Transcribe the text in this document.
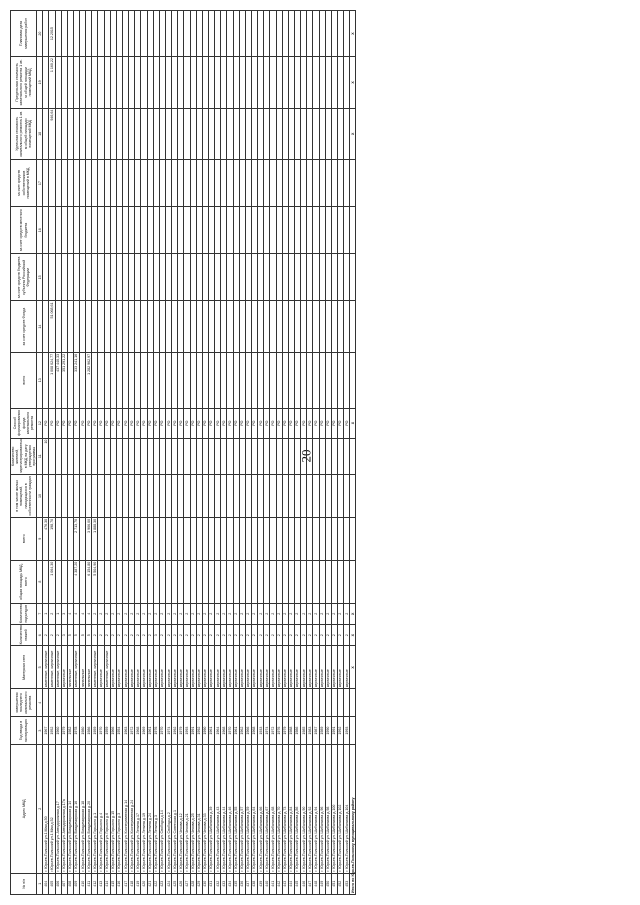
20
№ п/п	Адрес МКД	Год ввода в эксплуатацию	завершения последнего капитального ремонта	Материал стен	Количество этажей	Количество подъездов	общая площадь МКД, всего	всего	в том числе жилых помещений, находящихся в собственности граждан	Количество жителей, зарегистрированных в МКД на дату утверждения программы	Способ формирования фонда капитального ремонта	всего	за счет средств Фонда	за счет средств бюджета субъекта Российской Федерации	за счет средств местного бюджета	за счет средств собственников помещений в МКД	Удельная стоимость капитального ремонта 1 кв. м общей площади помещений МКД	Предельная стоимость капитального ремонта 1 кв. м общей площади помещений МКД	Плановая дата завершения работ
1	2	3	4	5	6	7	8	9	10	11	12	13	14	15	16	17	18	19	20
404	г. Юрьев-Польский ул.1 Мая д.50	1967		каменные, кирпичные	2	1		476,30		10	РО								
405	г.Юрьев-Польский ул.1 Мая д.52	1952		каменные, кирпичные	2	2	1 064,30	198,70			РО	1 008 024,77	51 068,61				946,64	1 160,22	12.2015
406	г. Юрьев-Польский ул. Автодорожная д.17	1960		каменные, кирпичные	2	1					РО	437 440,33							
407	г. Юрьев-Польский ул. Автодорожная д.17а	1979		кирпичные	3	3					РО	351 291,22							
408	г. Юрьев-Польский ул. Владимирская д.14	1982		панельные	5	4					РО								
409	г. Юрьев-Польский ул. Владимирская д.16	1978		каменные, кирпичные	5	4	4 387,20	2 713,70			РО	333 241,16							
410	г. Юрьев-Польский ул. Владимирская д.18	1980		панельные	5	4					РО								
411	г. Юрьев-Польский ул. Владимирская д.20	1986		панельные	5	4	6 154,80	3 906,00			РО	1 282 962,97							
412	г. Юрьев-Польский ул. Горького д.1	1959		каменные, кирпичные	2	2	5 504,90	1 888,30			РО								
413	г. Юрьев-Польский ул. Горького д.4	1970		кирпичные	2	2					РО								
414	г. Юрьев-Польский ул. Горького д.6	1959		каменные, кирпичные	2	2					РО								
415	г. Юрьев-Польский ул. Горького д.15	1966		кирпичные	2	2					РО								
416	г. Юрьев-Польский ул. Горького д.3	1954		кирпичные	2	2					РО								
417	г. Юрьев-Польский ул. Кооперативная д.14	1963		кирпичные	2	2					РО								
418	г. Юрьев-Польский ул. Кооперативная д.24	1972		кирпичные	2	2					РО								
419	г. Юрьев-Польский ул. Ленина д.17	1968		кирпичные	2	2					РО								
420	г. Юрьев-Польский ул. Ленина д.19	1969		кирпичные	2	2					РО								
421	г. Юрьев-Польский ул. Ленина д.24	1961		кирпичные	2	2					РО								
422	г. Юрьев-Польский ул. Ленина д.3	1976		кирпичные	3	2					РО								
423	г. Юрьев-Польский ул. Свободы д.14	1970		кирпичные	2	2					РО								
424	г. Юрьев-Польский ул. Свободы д.2	1974		кирпичные	2	2					РО								
425	г. Юрьев-Польский ул. Советская д.1	1992		кирпичные	2	2					РО								
426	г. Юрьев-Польский ул. Чехова д.12	1979		кирпичные	2	2					РО								
427	г. Юрьев-Польский ул. Чехова д.21	1993		кирпичные	2	2					РО								
428	г. Юрьев-Польский ул. Чехова д.25	1991		кирпичные	2	2					РО								
429	г. Юрьев-Польский ул. Чехова д.31	1992		кирпичные	2	2					РО								
430	г. Юрьев-Польский ул. Чехова д.33	1990		кирпичные	2	2					РО								
431	г. Юрьев-Польский ул. Шибанкова д.39	1961		кирпичные	2	2					РО								
432	г. Юрьев-Польский ул. Шибанкова д.43	1964		кирпичные	2	2					РО								
433	г. Юрьев-Польский ул. Шибанкова д.44	1968		кирпичные	2	2					РО								
434	г. Юрьев-Польский ул. Шибанкова д.46	1970		кирпичные	2	2					РО								
435	г. Юрьев-Польский ул. Шибанкова д.55	1961		кирпичные	2	2					РО								
436	г. Юрьев-Польский ул. Шибанкова д.57	1962		кирпичные	2	2					РО								
437	г. Юрьев-Польский ул. Шибанкова д.59	1966		кирпичные	2	2					РО								
438	г. Юрьев-Польский ул. Шибанкова д.64	1968		кирпичные	2	2					РО								
439	г. Юрьев-Польский ул. Шибанкова д.66	1933		кирпичные	2	2					РО								
440	г. Юрьев-Польский ул. Шибанкова д.67	1974		кирпичные	2	2					РО								
441	г. Юрьев-Польский ул. Шибанкова д.68	1972		кирпичные	2	2					РО								
442	г. Юрьев-Польский ул. Шибанкова д.70	1976		кирпичные	2	2					РО								
443	г. Юрьев-Польский ул. Шибанкова д.73	1979		кирпичные	2	2					РО								
444	г. Юрьев-Польский ул. Шибанкова д.84	1988		кирпичные	2	2					РО								
445	г. Юрьев-Польский ул. Шибанкова д.86	1986		кирпичные	2	2					РО								
446	г. Юрьев-Польский ул. Шибанкова д.90	1985		кирпичные	2	2					РО								
447	г. Юрьев-Польский ул. Шибанкова д.92	1983		кирпичные	2	2					РО								
448	г. Юрьев-Польский ул. Шибанкова д.94	1987		кирпичные	2	2					РО								
449	г. Юрьев-Польский ул. Шибанкова д.96	1989		кирпичные	2	2					РО								
450	г. Юрьев-Польский ул. Шибанкова д.98	1990		кирпичные	2	2					РО								
451	г. Юрьев-Польский ул. Шибанкова д.100	1991		кирпичные	2	2					РО								
452	г. Юрьев-Польский ул. Шибанкова д.102	1992		кирпичные	2	2					РО								
453	г. Юрьев-Польский ул. Шибанкова д.104	1993		кирпичные	2	2					РО								
Итого по Юрьев-Польскому муниципальному району				X	X	X					X						X	X	X
